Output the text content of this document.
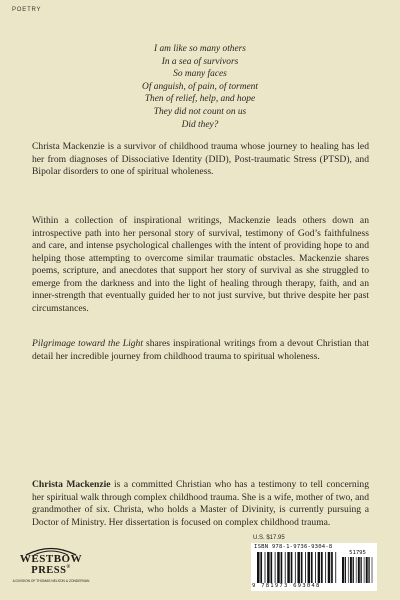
POETRY
I am like so many others
In a sea of survivors
So many faces
Of anguish, of pain, of torment
Then of relief, help, and hope
They did not count on us
Did they?

Christa Mackenzie is a survivor of childhood trauma whose journey to healing has led her from diagnoses of Dissociative Identity (DID), Post-traumatic Stress (PTSD), and Bipolar disorders to one of spiritual wholeness.

Within a collection of inspirational writings, Mackenzie leads others down an introspective path into her personal story of survival, testimony of God’s faithfulness and care, and intense psychological challenges with the intent of providing hope to and helping those attempting to overcome similar traumatic obstacles. Mackenzie shares poems, scripture, and anecdotes that support her story of survival as she struggled to emerge from the darkness and into the light of healing through therapy, faith, and an inner-strength that eventually guided her to not just survive, but thrive despite her past circumstances.

Pilgrimage toward the Light shares inspirational writings from a devout Christian that detail her incredible journey from childhood trauma to spiritual wholeness.

Christa Mackenzie is a committed Christian who has a testimony to tell concerning her spiritual walk through complex childhood trauma. She is a wife, mother of two, and grandmother of six. Christa, who holds a Master of Divinity, is currently pursuing a Doctor of Ministry. Her dissertation is focused on complex childhood trauma.

WESTBOW
PRESS®
A DIVISION OF THOMAS NELSON & ZONDERVAN
U.S. $17.95
ISBN 978-1-9736-9304-8
51795
9 781973 693048
